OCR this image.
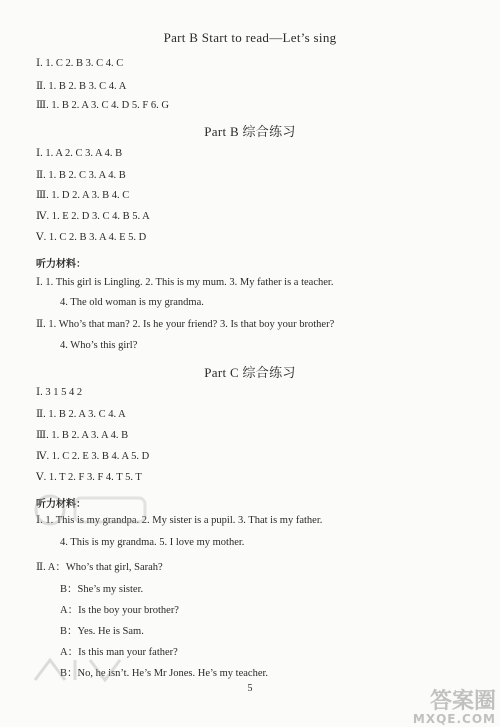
Part B Start to read—Let’s sing
Ⅰ. 1. C 2. B 3. C 4. C
Ⅱ. 1. B 2. B 3. C 4. A
Ⅲ. 1. B 2. A 3. C 4. D 5. F 6. G
Part B 综合练习
Ⅰ. 1. A 2. C 3. A 4. B
Ⅱ. 1. B 2. C 3. A 4. B
Ⅲ. 1. D 2. A 3. B 4. C
Ⅳ. 1. E 2. D 3. C 4. B 5. A
Ⅴ. 1. C 2. B 3. A 4. E 5. D
听力材料：
Ⅰ. 1. This girl is Lingling. 2. This is my mum. 3. My father is a teacher.
4. The old woman is my grandma.
Ⅱ. 1. Who’s that man? 2. Is he your friend? 3. Is that boy your brother?
4. Who’s this girl?
Part C 综合练习
Ⅰ. 3 1 5 4 2
Ⅱ. 1. B 2. A 3. C 4. A
Ⅲ. 1. B 2. A 3. A 4. B
Ⅳ. 1. C 2. E 3. B 4. A 5. D
Ⅴ. 1. T 2. F 3. F 4. T 5. T
听力材料：
Ⅰ. 1. This is my grandpa. 2. My sister is a pupil. 3. That is my father.
4. This is my grandma. 5. I love my mother.
Ⅱ. A：Who’s that girl, Sarah?
B：She’s my sister.
A：Is the boy your brother?
B：Yes. He is Sam.
A：Is this man your father?
B：No, he isn’t. He’s Mr Jones. He’s my teacher.
5
答案圈
MXQE.COM
